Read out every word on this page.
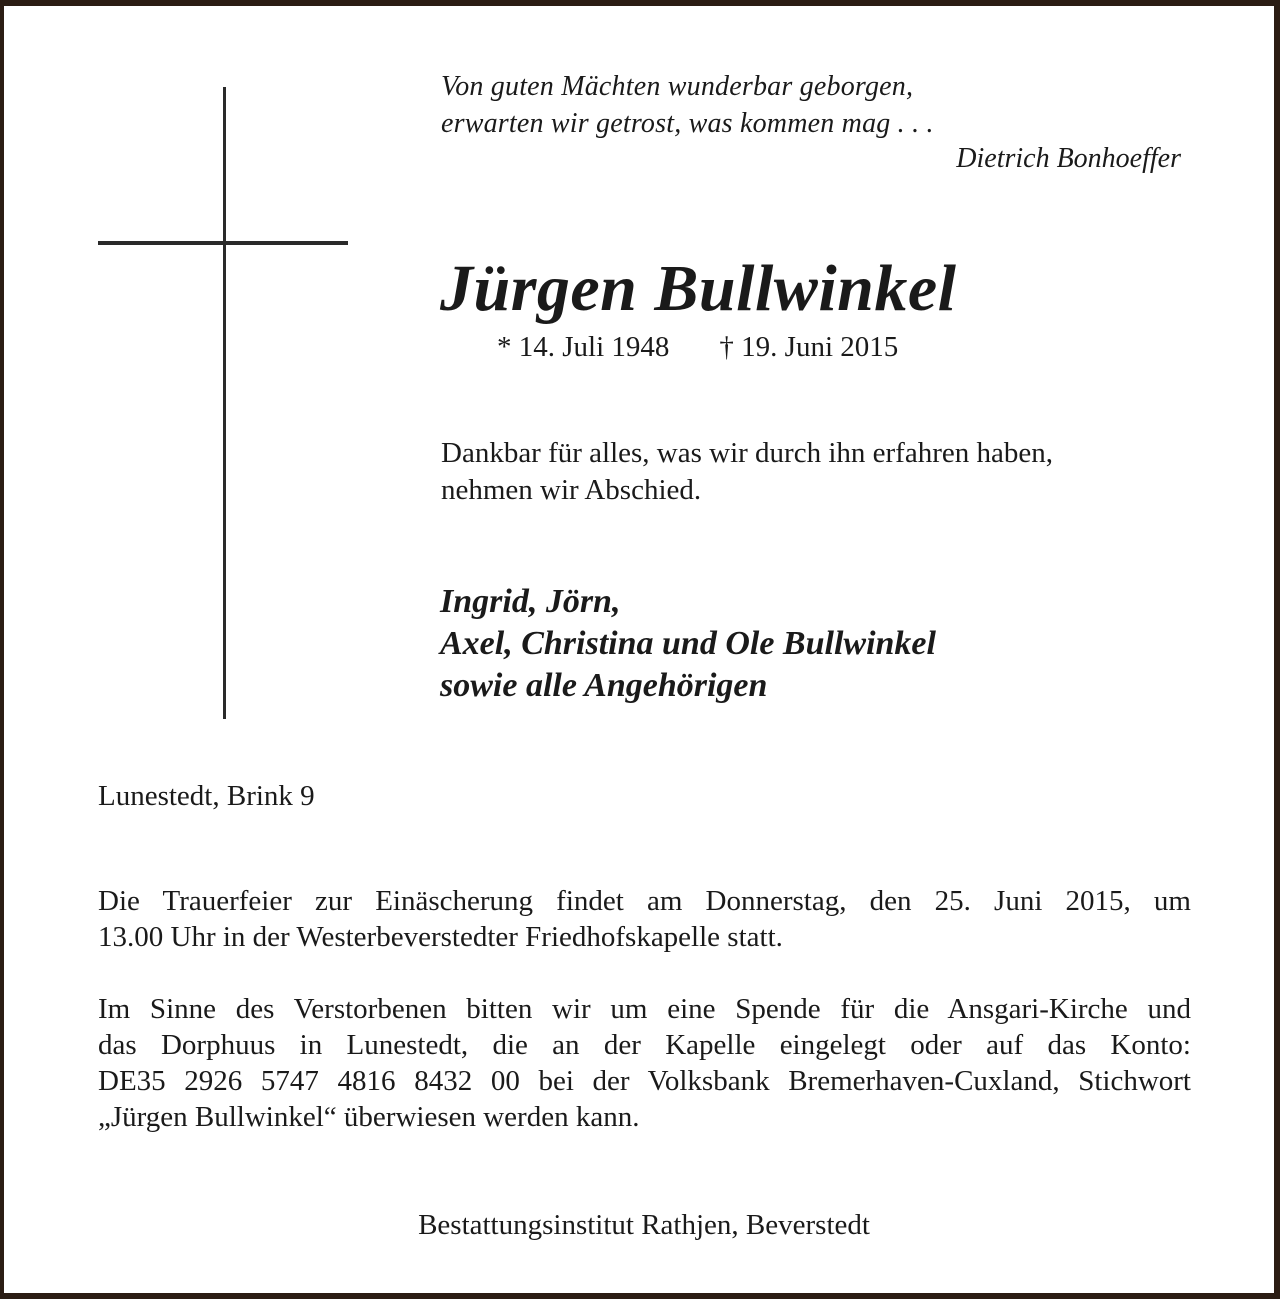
Von guten Mächten wunderbar geborgen,
erwarten wir getrost, was kommen mag . . .
Dietrich Bonhoeffer
Jürgen Bullwinkel
* 14. Juli 1948 † 19. Juni 2015
Dankbar für alles, was wir durch ihn erfahren haben,
nehmen wir Abschied.
Ingrid, Jörn,
Axel, Christina und Ole Bullwinkel
sowie alle Angehörigen
Lunestedt, Brink 9
Die Trauerfeier zur Einäscherung findet am Donnerstag, den 25. Juni 2015, um
13.00 Uhr in der Westerbeverstedter Friedhofskapelle statt.
Im Sinne des Verstorbenen bitten wir um eine Spende für die Ansgari-Kirche und
das Dorphuus in Lunestedt, die an der Kapelle eingelegt oder auf das Konto:
DE35 2926 5747 4816 8432 00 bei der Volksbank Bremerhaven-Cuxland, Stichwort
„Jürgen Bullwinkel“ überwiesen werden kann.
Bestattungsinstitut Rathjen, Beverstedt
